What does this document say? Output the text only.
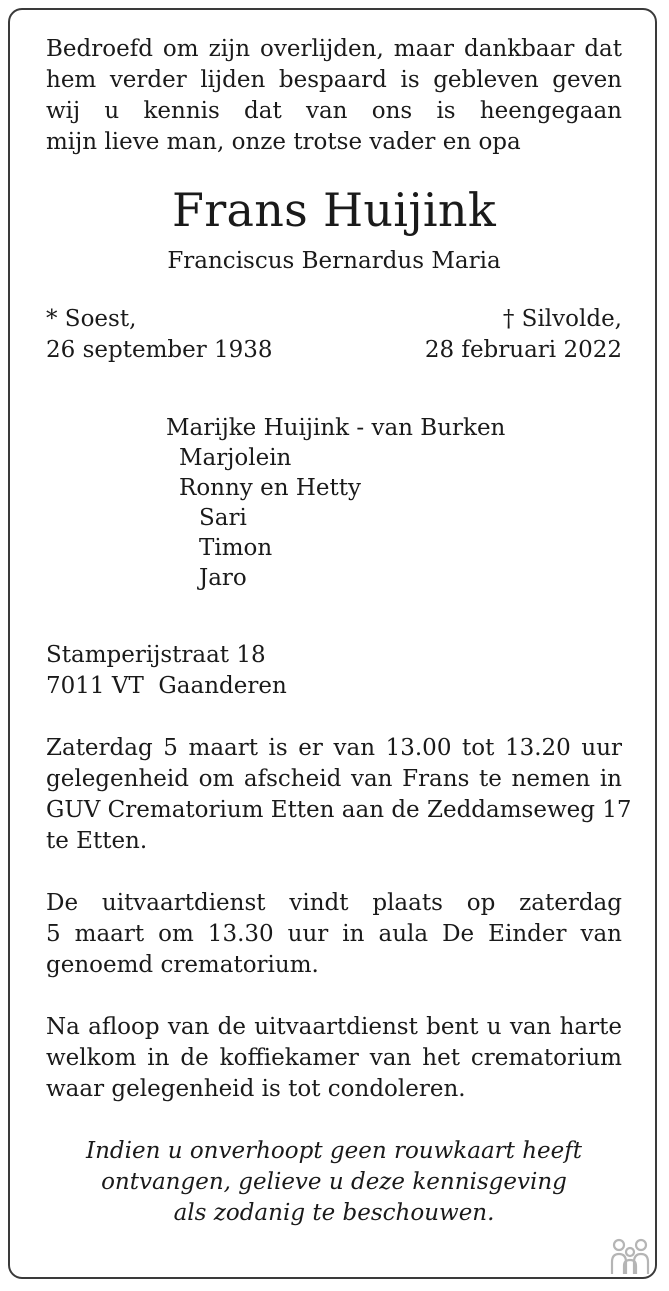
Bedroefd om zijn overlijden, maar dankbaar dat
hem verder lijden bespaard is gebleven geven
wij u kennis dat van ons is heengegaan
mijn lieve man, onze trotse vader en opa

Frans Huijink
Franciscus Bernardus Maria
* Soest,
26 september 1938
† Silvolde,
28 februari 2022
Marijke Huijink - van Burken
Marjolein
Ronny en Hetty
Sari
Timon
Jaro
Stamperijstraat 18
7011 VT  Gaanderen

Zaterdag 5 maart is er van 13.00 tot 13.20 uur
gelegenheid om afscheid van Frans te nemen in
GUV Crematorium Etten aan de Zeddamseweg 17
te Etten.

De uitvaartdienst vindt plaats op zaterdag
5 maart om 13.30 uur in aula De Einder van
genoemd crematorium.

Na afloop van de uitvaartdienst bent u van harte
welkom in de koffiekamer van het crematorium
waar gelegenheid is tot condoleren.

Indien u onverhoopt geen rouwkaart heeft
ontvangen, gelieve u deze kennisgeving
als zodanig te beschouwen.
